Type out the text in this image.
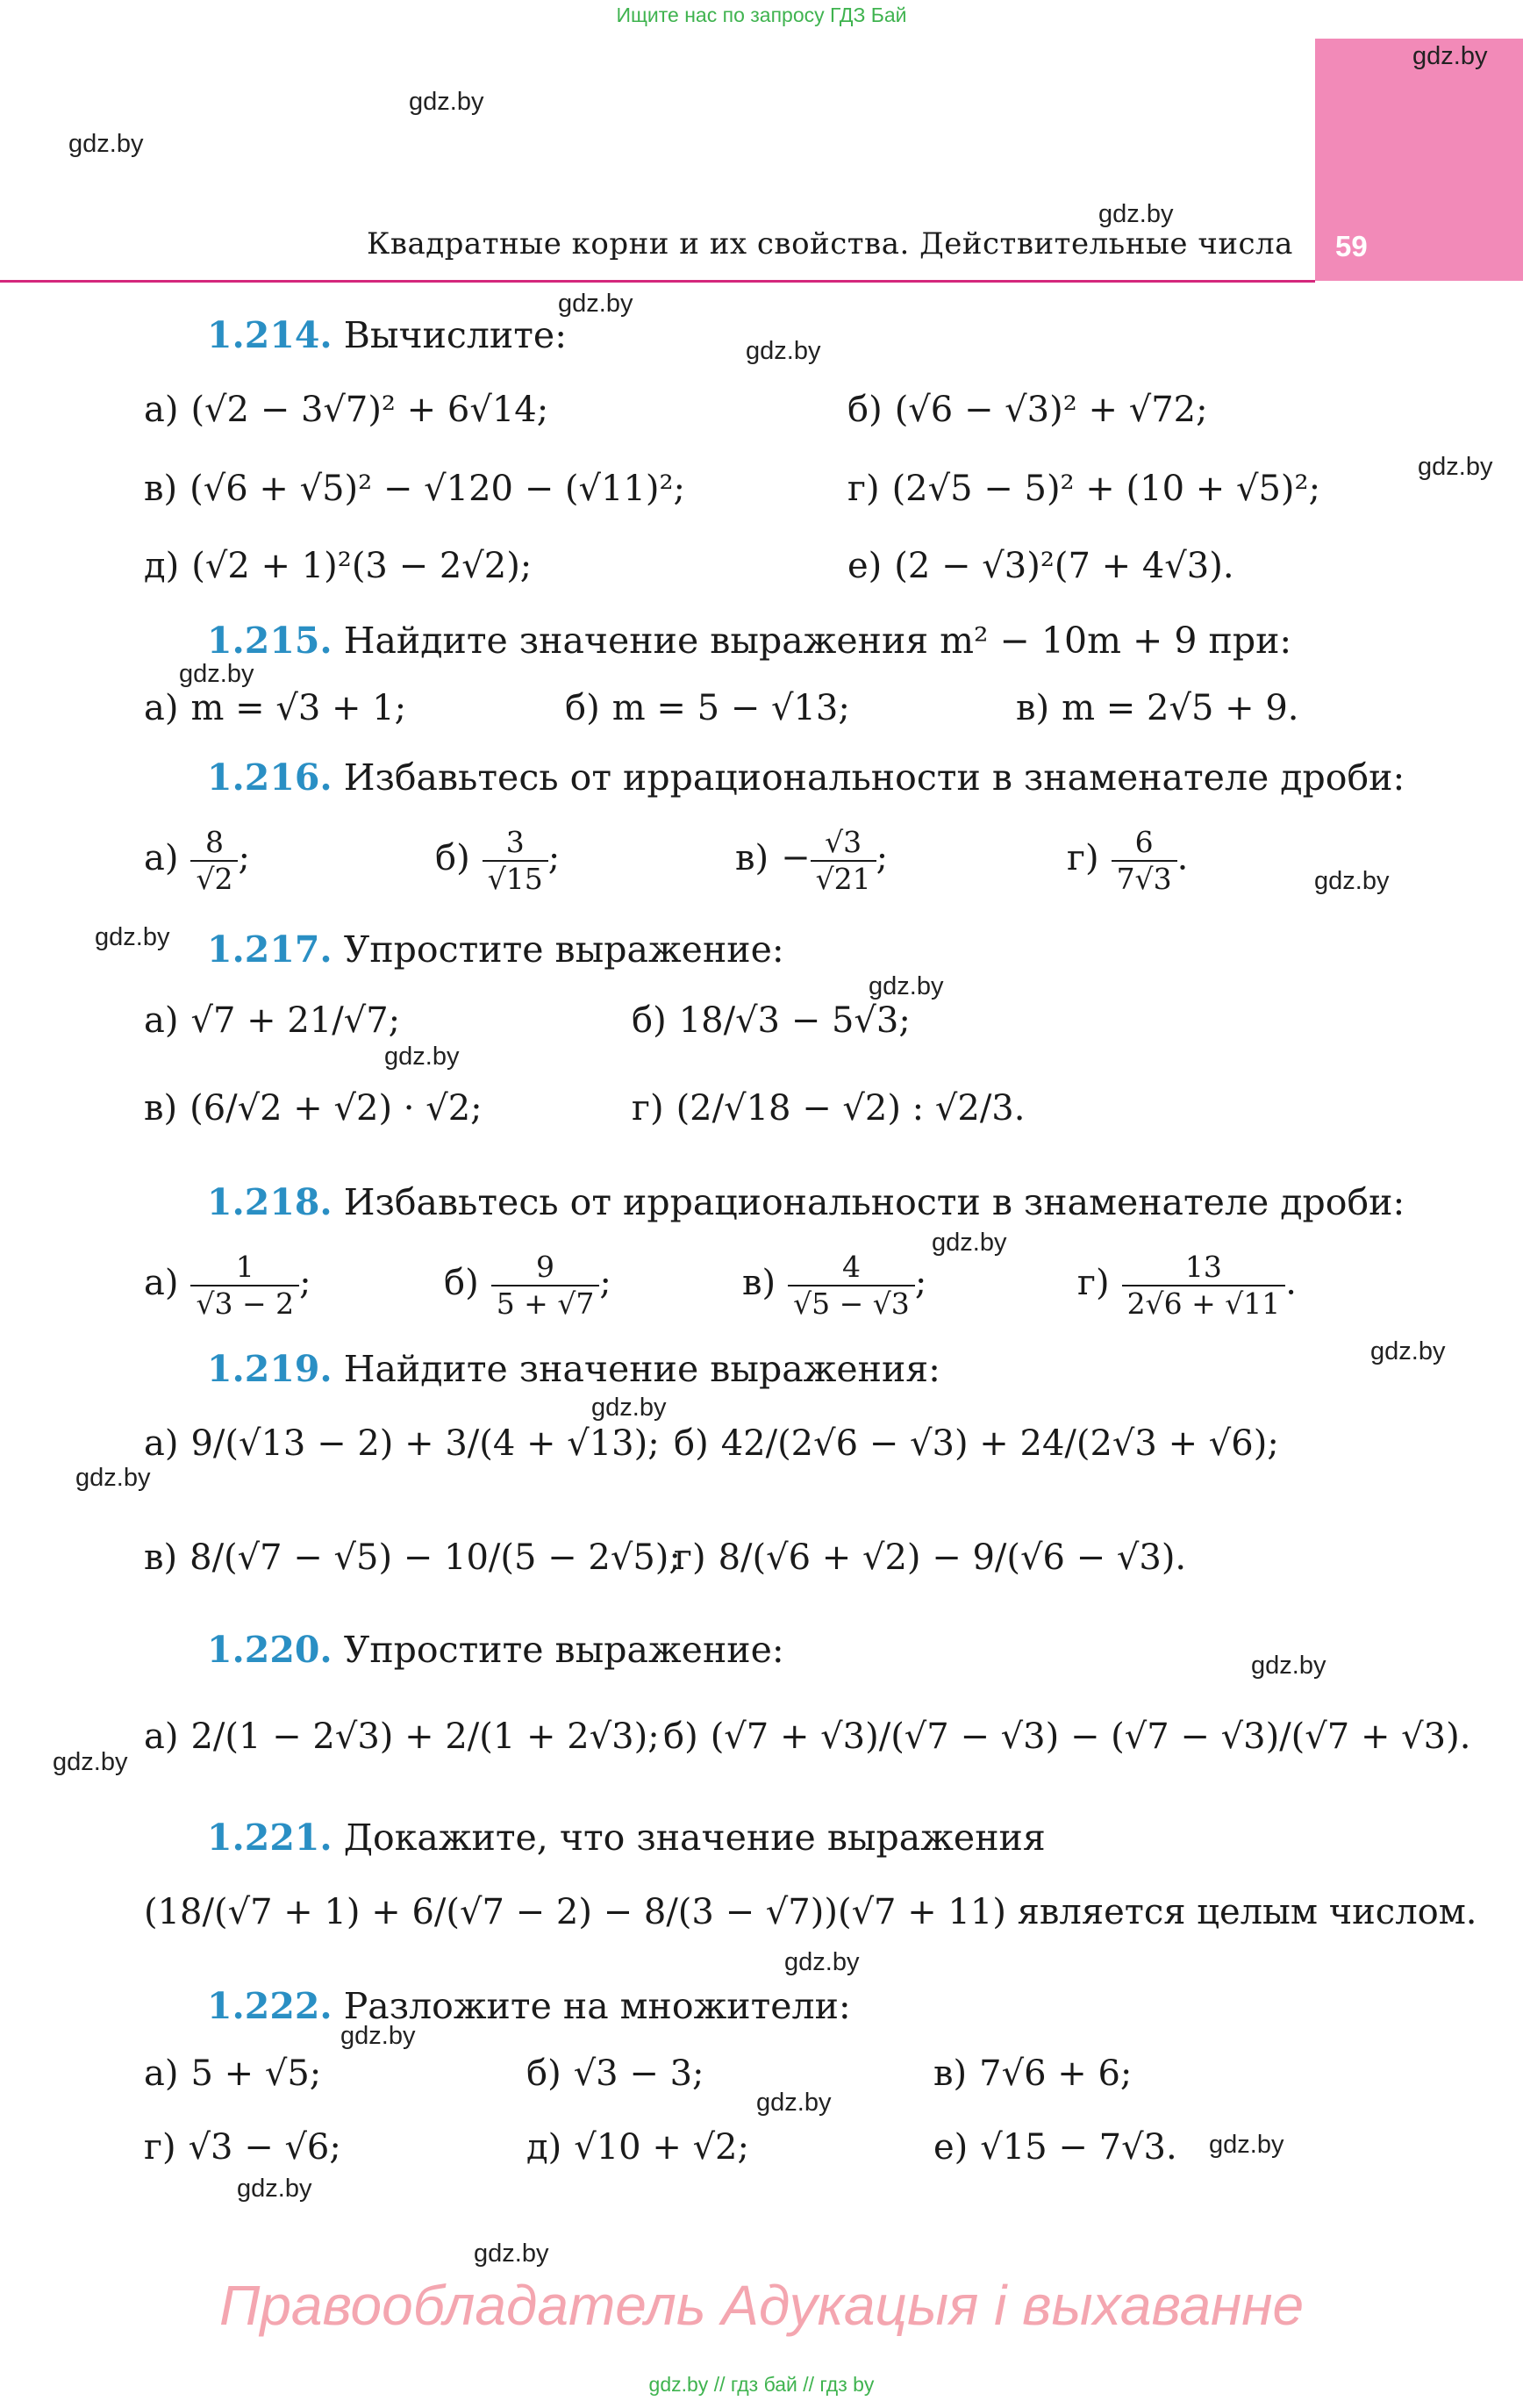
Ищите нас по запросу ГДЗ Бай
59
Квадратные корни и их свойства. Действительные числа
gdz.by
gdz.by
gdz.by
gdz.by
gdz.by
gdz.by
gdz.by
gdz.by
gdz.by
gdz.by
gdz.by
gdz.by
gdz.by
gdz.by
gdz.by
gdz.by
gdz.by
gdz.by
gdz.by
gdz.by
gdz.by
gdz.by
gdz.by
gdz.by
1.214. Вычислите:
а) (√2 − 3√7)² + 6√14;	б) (√6 − √3)² + √72;
в) (√6 + √5)² − √120 − (√11)²;	г) (2√5 − 5)² + (10 + √5)²;
д) (√2 + 1)²(3 − 2√2);	е) (2 − √3)²(7 + 4√3).
1.215. Найдите значение выражения m² − 10m + 9 при:
а) m = √3 + 1;	б) m = 5 − √13;	в) m = 2√5 + 9.
1.216. Избавьтесь от иррациональности в знаменателе дроби:
$а) \frac{8}{√2}$ ;	$б) \frac{3}{√15}$ ;	$в) - \frac{√3}{√21}$ ;	$г) \frac{6}{7√3}$ .
1.217. Упростите выражение:
а) √7 + 21/√7;	б) 18/√3 − 5√3;
в) (6/√2 + √2) · √2;	г) (2/√18 − √2) : √2/3.
1.218. Избавьтесь от иррациональности в знаменателе дроби:
$а) \frac{1}{√3 - 2}$ ;	$б) \frac{9}{5 + √7}$ ;	$в) \frac{4}{√5 - √3}$ ;	$г) \frac{13}{2√6 + √11}$ .
1.219. Найдите значение выражения:
а) 9/(√13 − 2) + 3/(4 + √13); б) 42/(2√6 − √3) + 24/(2√3 + √6);
в) 8/(√7 − √5) − 10/(5 − 2√5);
г) 8/(√6 + √2) − 9/(√6 − √3).
1.220. Упростите выражение:
а) 2/(1 − 2√3) + 2/(1 + 2√3); б) (√7 + √3)/(√7 − √3) − (√7 − √3)/(√7 + √3).
1.221. Докажите, что значение выражения
(18/(√7 + 1) + 6/(√7 − 2) − 8/(3 − √7))(√7 + 11) является целым числом.
1.222. Разложите на множители:
а) 5 + √5;	б) √3 − 3;	в) 7√6 + 6;
г) √3 − √6;	д) √10 + √2;	е) √15 − 7√3.
Правообладатель Адукацыя і выхаванне
gdz.by // гдз бай // гдз by
